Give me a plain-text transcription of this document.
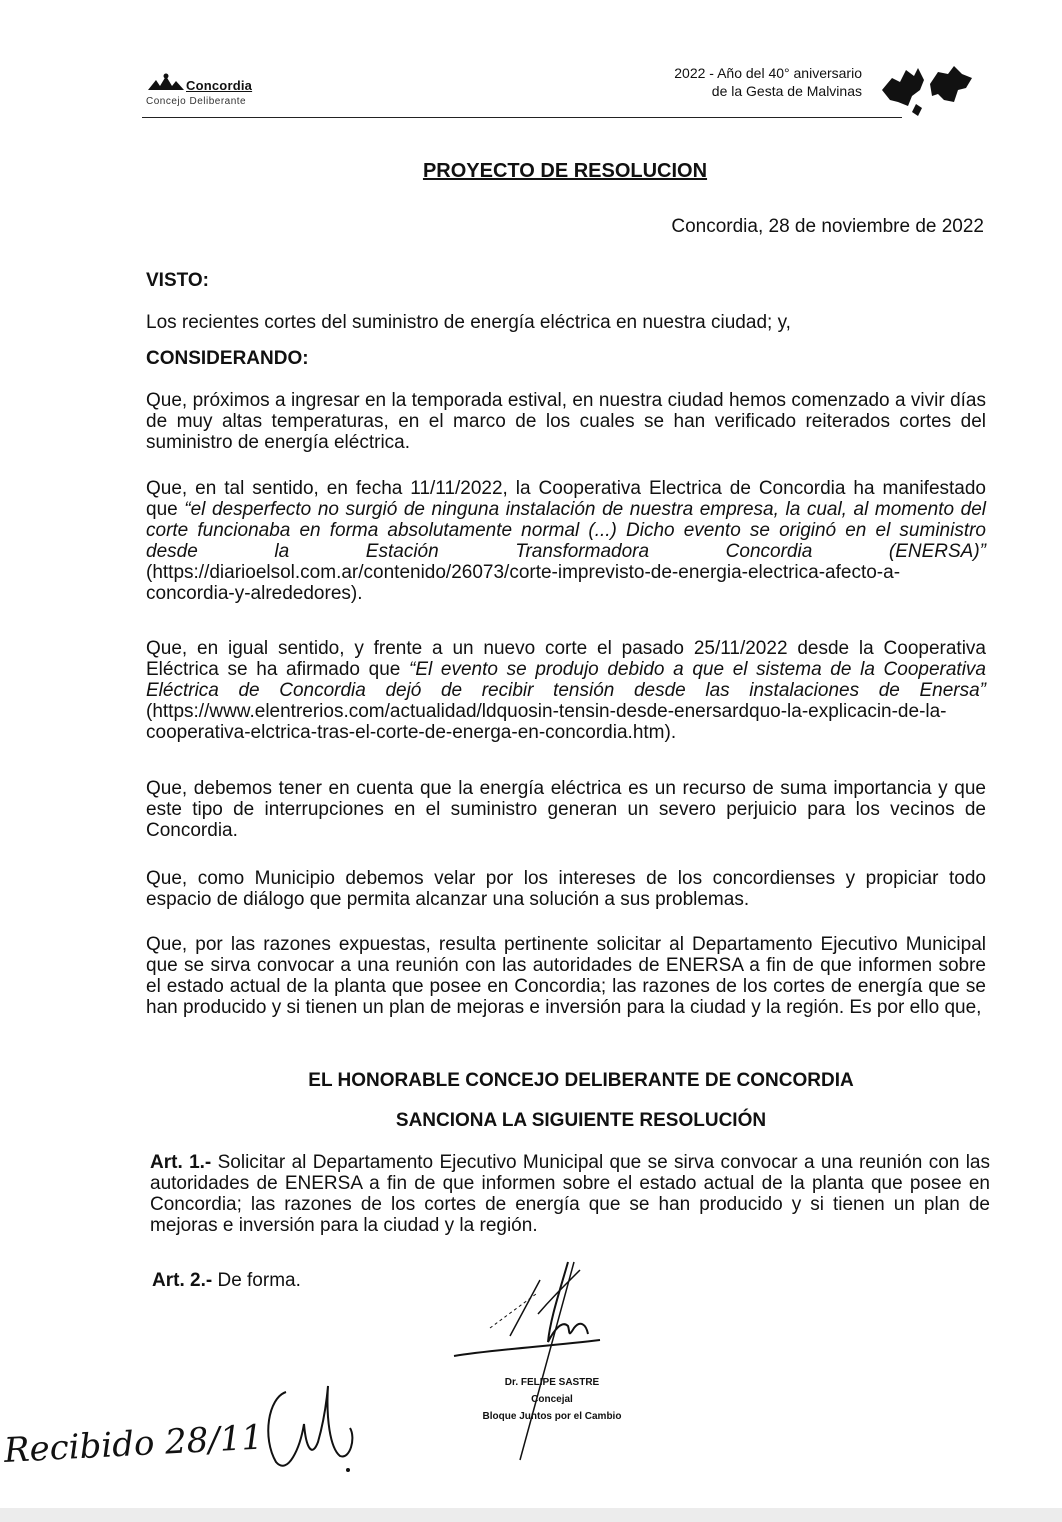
Concordia
Concejo Deliberante
2022 - Año del 40° aniversario
de la Gesta de Malvinas
PROYECTO DE RESOLUCION
Concordia, 28 de noviembre de 2022
VISTO:
Los recientes cortes del suministro de energía eléctrica en nuestra ciudad; y,
CONSIDERANDO:
Que, próximos a ingresar en la temporada estival, en nuestra ciudad hemos comenzado a vivir días de muy altas temperaturas, en el marco de los cuales se han verificado reiterados cortes del suministro de energía eléctrica.
Que, en tal sentido, en fecha 11/11/2022, la Cooperativa Electrica de Concordia ha manifestado que “el desperfecto no surgió de ninguna instalación de nuestra empresa, la cual, al momento del corte funcionaba en forma absolutamente normal (...) Dicho evento se originó en el suministro desde la Estación Transformadora Concordia (ENERSA)” (https://diarioelsol.com.ar/contenido/26073/corte-imprevisto-de-energia-electrica-afecto-a-concordia-y-alrededores).
Que, en igual sentido, y frente a un nuevo corte el pasado 25/11/2022 desde la Cooperativa Eléctrica se ha afirmado que “El evento se produjo debido a que el sistema de la Cooperativa Eléctrica de Concordia dejó de recibir tensión desde las instalaciones de Enersa” (https://www.elentrerios.com/actualidad/ldquosin-tensin-desde-enersardquo-la-explicacin-de-la-cooperativa-elctrica-tras-el-corte-de-energa-en-concordia.htm).
Que, debemos tener en cuenta que la energía eléctrica es un recurso de suma importancia y que este tipo de interrupciones en el suministro generan un severo perjuicio para los vecinos de Concordia.
Que, como Municipio debemos velar por los intereses de los concordienses y propiciar todo espacio de diálogo que permita alcanzar una solución a sus problemas.
Que, por las razones expuestas, resulta pertinente solicitar al Departamento Ejecutivo Municipal que se sirva convocar a una reunión con las autoridades de ENERSA a fin de que informen sobre el estado actual de la planta que posee en Concordia; las razones de los cortes de energía que se han producido y si tienen un plan de mejoras e inversión para la ciudad y la región. Es por ello que,
EL HONORABLE CONCEJO DELIBERANTE DE CONCORDIA
SANCIONA LA SIGUIENTE RESOLUCIÓN
Art. 1.- Solicitar al Departamento Ejecutivo Municipal que se sirva convocar a una reunión con las autoridades de ENERSA a fin de que informen sobre el estado actual de la planta que posee en Concordia; las razones de los cortes de energía que se han producido y si tienen un plan de mejoras e inversión para la ciudad y la región.
Art. 2.- De forma.
Dr. FELIPE SASTRE
Concejal
Bloque Juntos por el Cambio
Recibido 28/11
